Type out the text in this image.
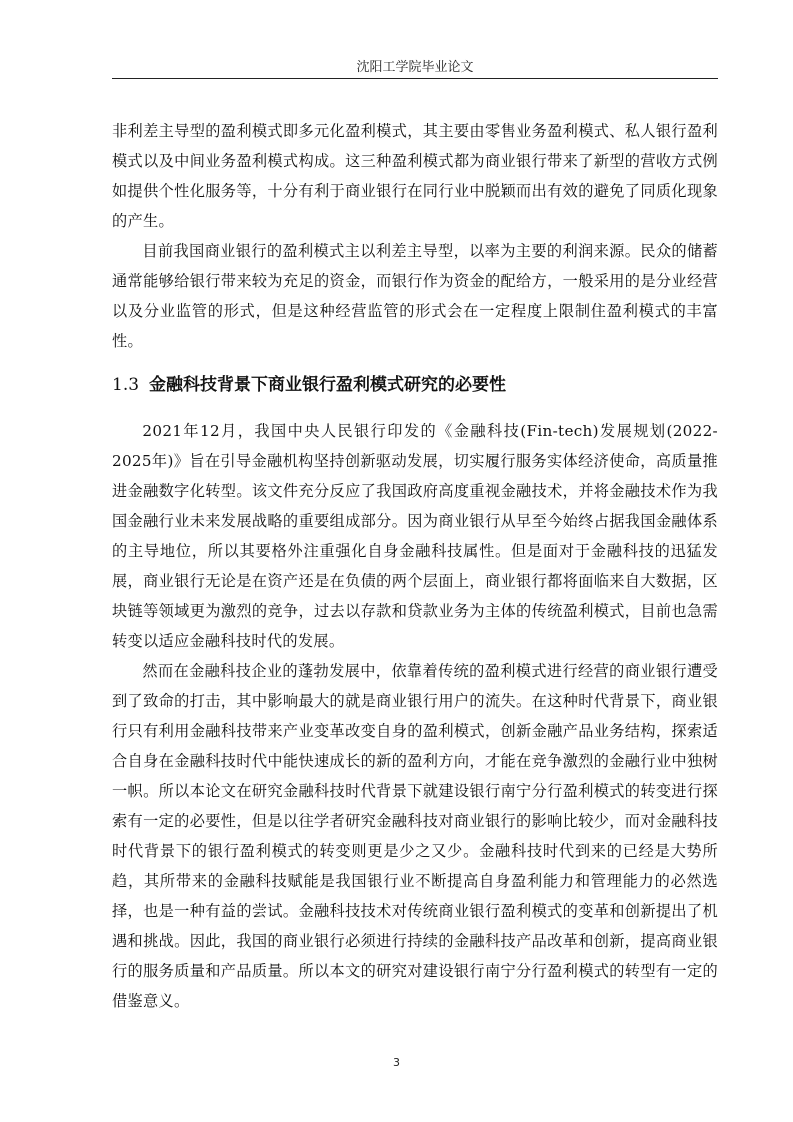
沈阳工学院毕业论文

非利差主导型的盈利模式即多元化盈利模式，其主要由零售业务盈利模式、私人银行盈利模式以及中间业务盈利模式构成。这三种盈利模式都为商业银行带来了新型的营收方式例如提供个性化服务等，十分有利于商业银行在同行业中脱颖而出有效的避免了同质化现象的产生。

目前我国商业银行的盈利模式主以利差主导型，以率为主要的利润来源。民众的储蓄通常能够给银行带来较为充足的资金，而银行作为资金的配给方，一般采用的是分业经营以及分业监管的形式，但是这种经营监管的形式会在一定程度上限制住盈利模式的丰富性。

1.3 金融科技背景下商业银行盈利模式研究的必要性

2021年12月，我国中央人民银行印发的《金融科技(Fin-tech)发展规划(2022-2025年)》旨在引导金融机构坚持创新驱动发展，切实履行服务实体经济使命，高质量推进金融数字化转型。该文件充分反应了我国政府高度重视金融技术，并将金融技术作为我国金融行业未来发展战略的重要组成部分。因为商业银行从早至今始终占据我国金融体系的主导地位，所以其要格外注重强化自身金融科技属性。但是面对于金融科技的迅猛发展，商业银行无论是在资产还是在负债的两个层面上，商业银行都将面临来自大数据，区块链等领域更为激烈的竞争，过去以存款和贷款业务为主体的传统盈利模式，目前也急需转变以适应金融科技时代的发展。

然而在金融科技企业的蓬勃发展中，依靠着传统的盈利模式进行经营的商业银行遭受到了致命的打击，其中影响最大的就是商业银行用户的流失。在这种时代背景下，商业银行只有利用金融科技带来产业变革改变自身的盈利模式，创新金融产品业务结构，探索适合自身在金融科技时代中能快速成长的新的盈利方向，才能在竞争激烈的金融行业中独树一帜。所以本论文在研究金融科技时代背景下就建设银行南宁分行盈利模式的转变进行探索有一定的必要性，但是以往学者研究金融科技对商业银行的影响比较少，而对金融科技时代背景下的银行盈利模式的转变则更是少之又少。金融科技时代到来的已经是大势所趋，其所带来的金融科技赋能是我国银行业不断提高自身盈利能力和管理能力的必然选择，也是一种有益的尝试。金融科技技术对传统商业银行盈利模式的变革和创新提出了机遇和挑战。因此，我国的商业银行必须进行持续的金融科技产品改革和创新，提高商业银行的服务质量和产品质量。所以本文的研究对建设银行南宁分行盈利模式的转型有一定的借鉴意义。

3
